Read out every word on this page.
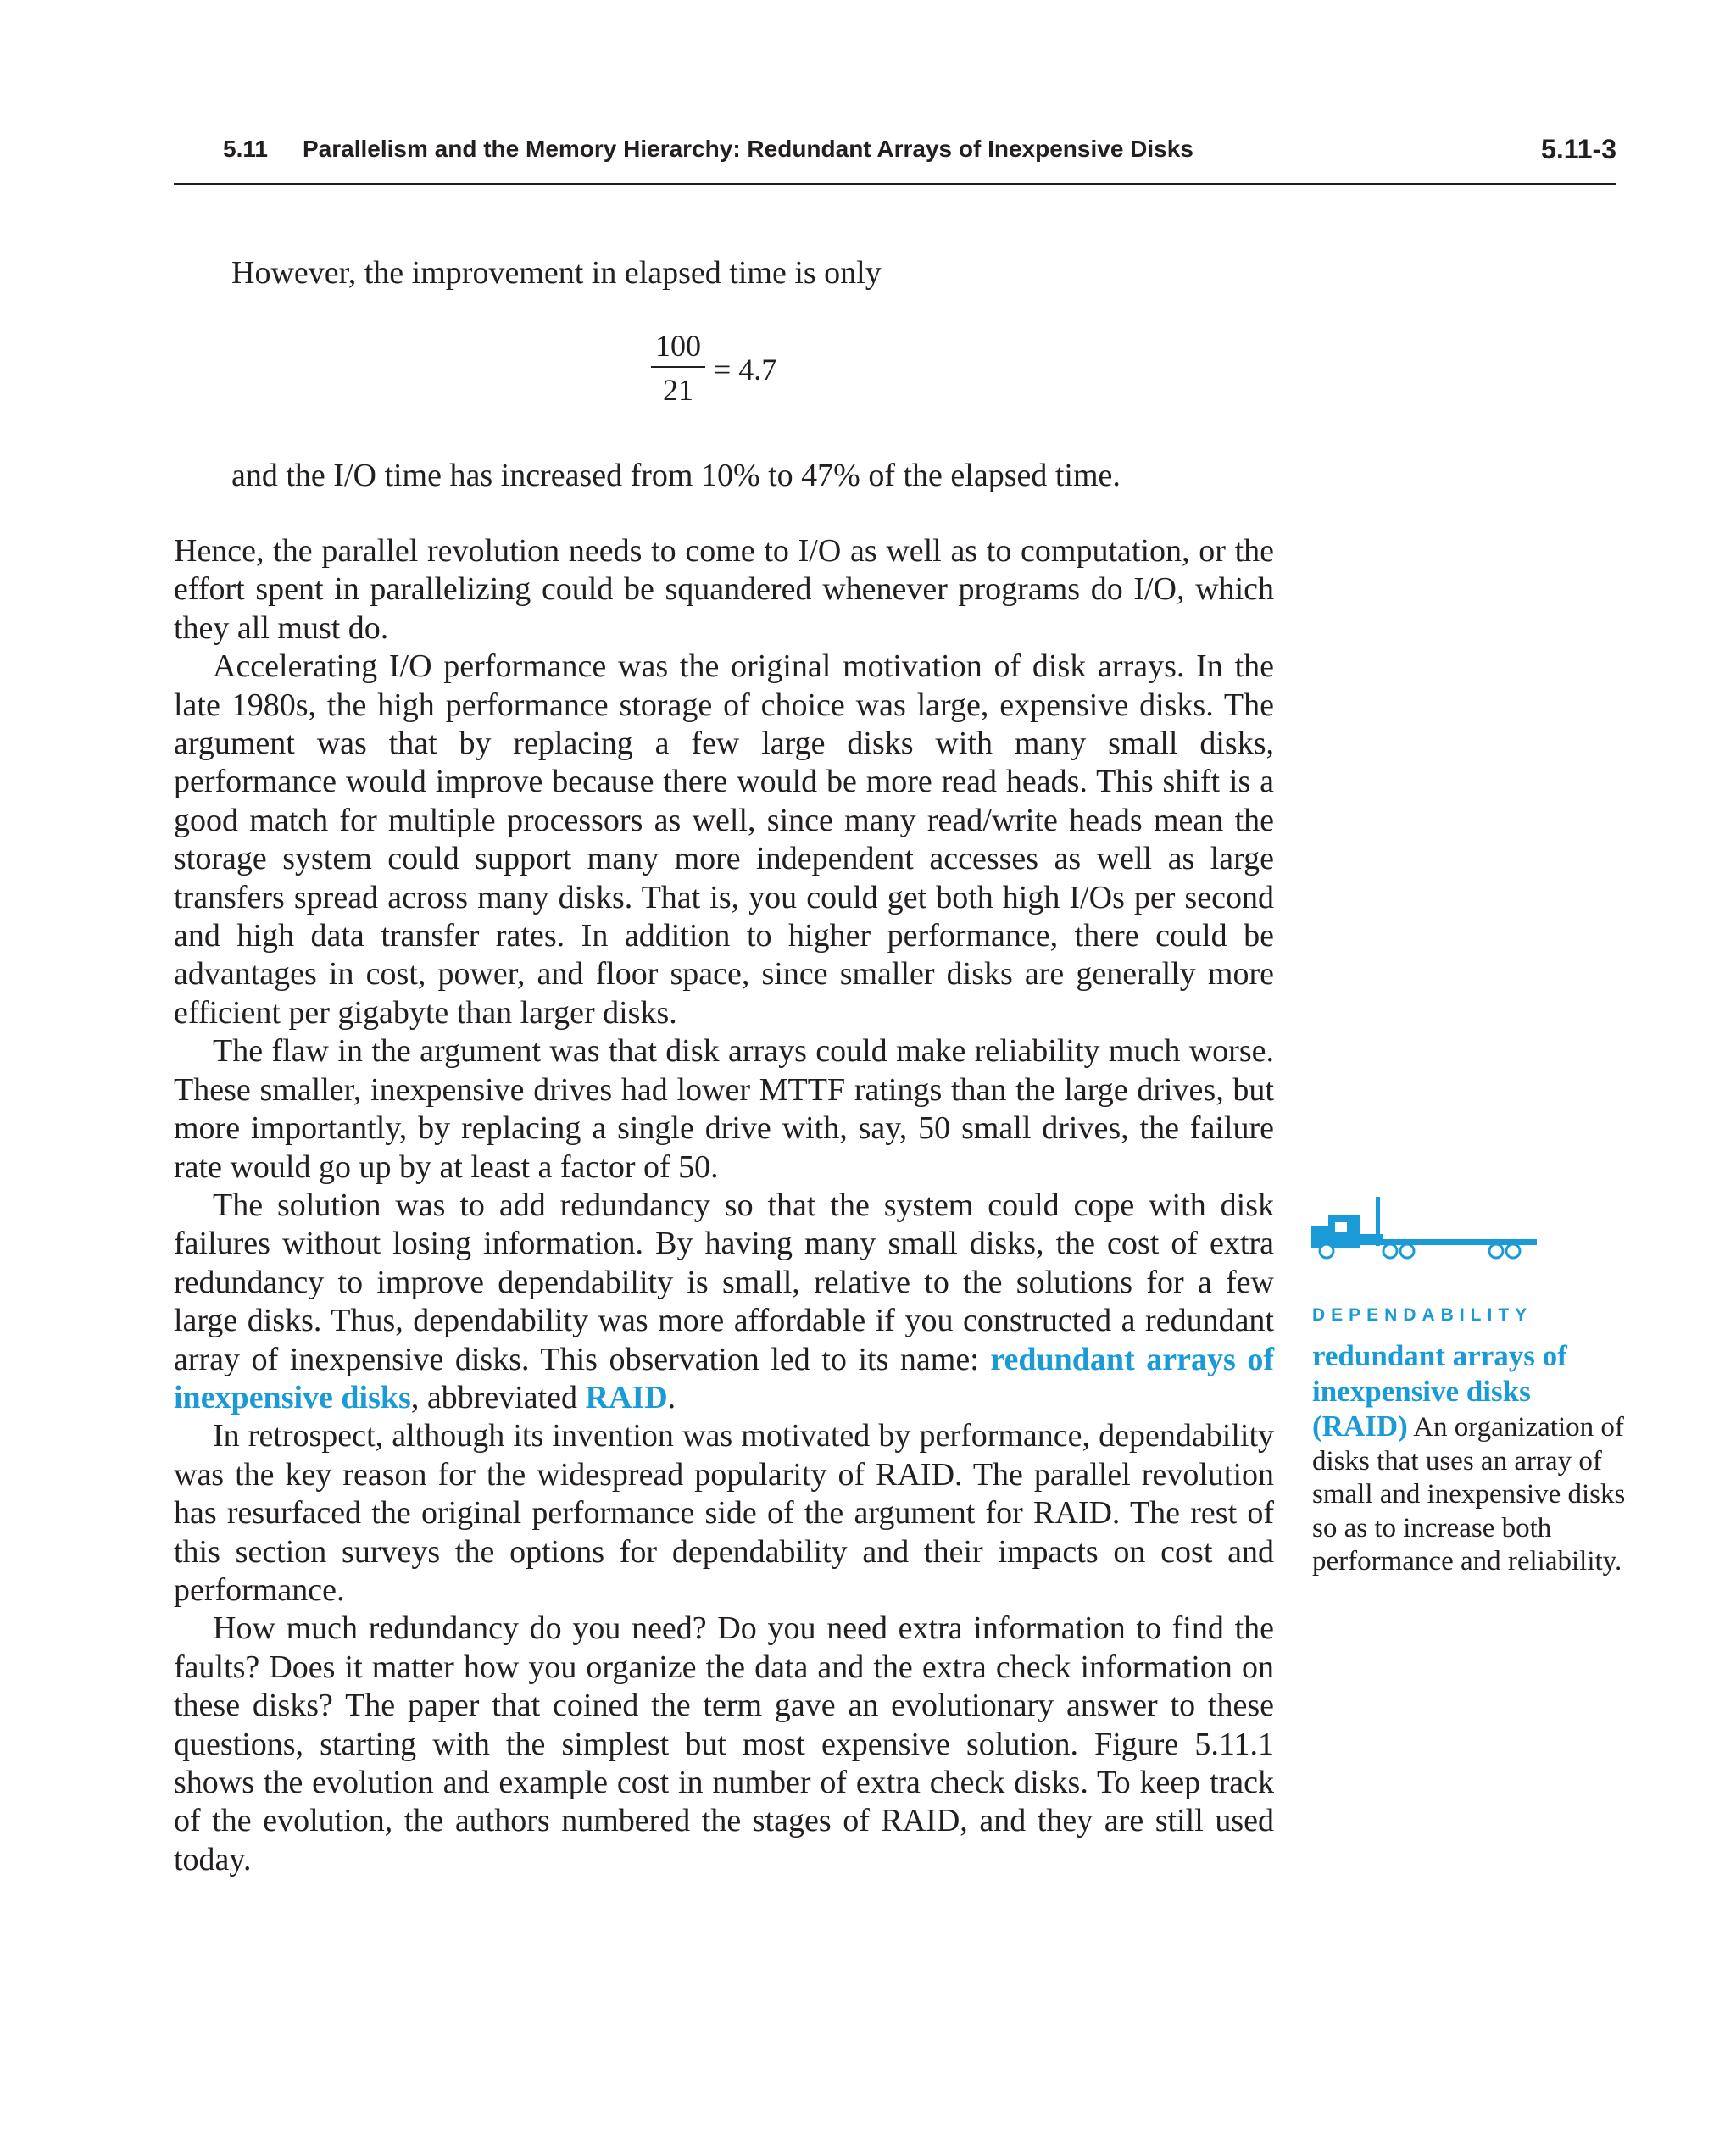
5.11 Parallelism and the Memory Hierarchy: Redundant Arrays of Inexpensive Disks	5.11-3

However, the improvement in elapsed time is only

100
21
= 4.7

and the I/O time has increased from 10% to 47% of the elapsed time.

Hence, the parallel revolution needs to come to I/O as well as to computation, or the effort spent in parallelizing could be squandered whenever programs do I/O, which they all must do.

Accelerating I/O performance was the original motivation of disk arrays. In the late 1980s, the high performance storage of choice was large, expensive disks. The argument was that by replacing a few large disks with many small disks, performance would improve because there would be more read heads. This shift is a good match for multiple processors as well, since many read/write heads mean the storage system could support many more independent accesses as well as large transfers spread across many disks. That is, you could get both high I/Os per second and high data transfer rates. In addition to higher performance, there could be advantages in cost, power, and floor space, since smaller disks are generally more efficient per gigabyte than larger disks.

The flaw in the argument was that disk arrays could make reliability much worse. These smaller, inexpensive drives had lower MTTF ratings than the large drives, but more importantly, by replacing a single drive with, say, 50 small drives, the failure rate would go up by at least a factor of 50.

The solution was to add redundancy so that the system could cope with disk failures without losing information. By having many small disks, the cost of extra redundancy to improve dependability is small, relative to the solutions for a few large disks. Thus, dependability was more affordable if you constructed a redundant array of inexpensive disks. This observation led to its name: redundant arrays of inexpensive disks, abbreviated RAID.

In retrospect, although its invention was motivated by performance, dependability was the key reason for the widespread popularity of RAID. The parallel revolution has resurfaced the original performance side of the argument for RAID. The rest of this section surveys the options for dependability and their impacts on cost and performance.

How much redundancy do you need? Do you need extra information to find the faults? Does it matter how you organize the data and the extra check information on these disks? The paper that coined the term gave an evolutionary answer to these questions, starting with the simplest but most expensive solution. Figure 5.11.1 shows the evolution and example cost in number of extra check disks. To keep track of the evolution, the authors numbered the stages of RAID, and they are still used today.

DEPENDABILITY
redundant arrays of inexpensive disks (RAID) An organization of disks that uses an array of small and inexpensive disks so as to increase both performance and reliability.
